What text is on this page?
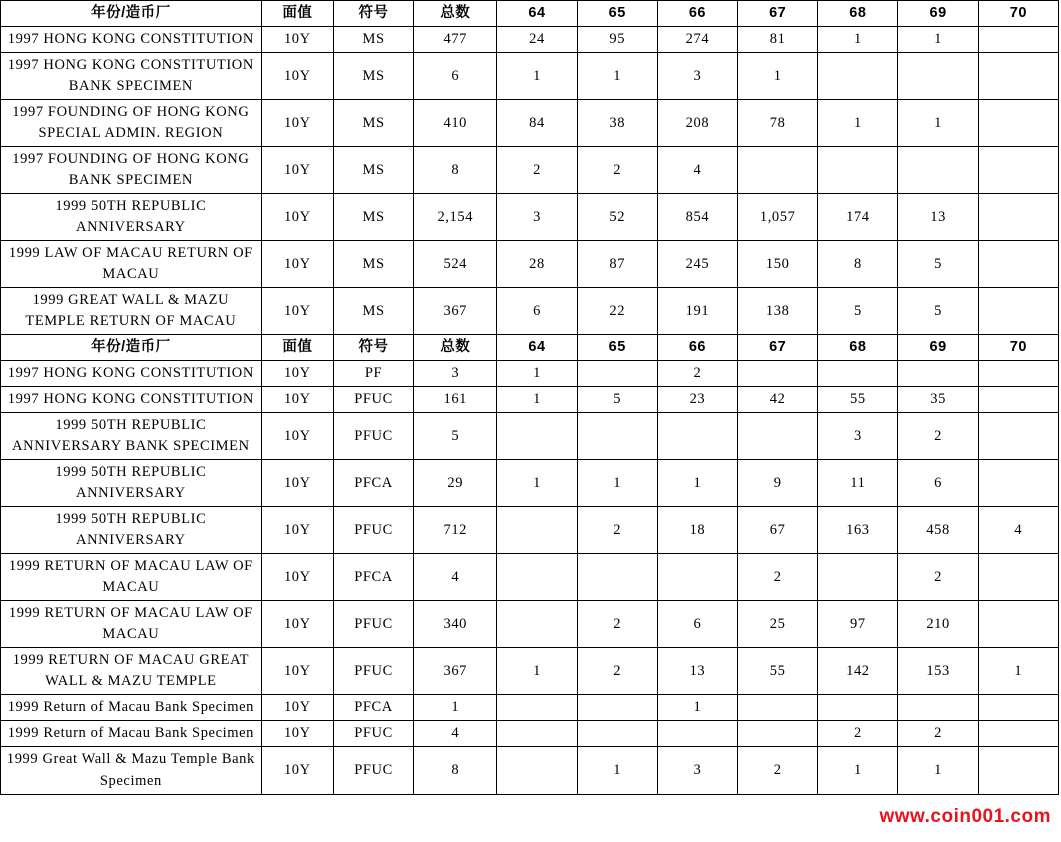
年份/造币厂	面值	符号	总数	64	65	66	67	68	69	70
1997 HONG KONG CONSTITUTION	10Y	MS	477	24	95	274	81	1	1	
1997 HONG KONG CONSTITUTION BANK SPECIMEN	10Y	MS	6	1	1	3	1			
1997 FOUNDING OF HONG KONG SPECIAL ADMIN. REGION	10Y	MS	410	84	38	208	78	1	1	
1997 FOUNDING OF HONG KONG BANK SPECIMEN	10Y	MS	8	2	2	4				
1999 50TH REPUBLIC ANNIVERSARY	10Y	MS	2,154	3	52	854	1,057	174	13	
1999 LAW OF MACAU RETURN OF MACAU	10Y	MS	524	28	87	245	150	8	5	
1999 GREAT WALL & MAZU TEMPLE RETURN OF MACAU	10Y	MS	367	6	22	191	138	5	5	
年份/造币厂	面值	符号	总数	64	65	66	67	68	69	70
1997 HONG KONG CONSTITUTION	10Y	PF	3	1		2				
1997 HONG KONG CONSTITUTION	10Y	PFUC	161	1	5	23	42	55	35	
1999 50TH REPUBLIC ANNIVERSARY BANK SPECIMEN	10Y	PFUC	5					3	2	
1999 50TH REPUBLIC ANNIVERSARY	10Y	PFCA	29	1	1	1	9	11	6	
1999 50TH REPUBLIC ANNIVERSARY	10Y	PFUC	712		2	18	67	163	458	4
1999 RETURN OF MACAU LAW OF MACAU	10Y	PFCA	4				2		2	
1999 RETURN OF MACAU LAW OF MACAU	10Y	PFUC	340		2	6	25	97	210	
1999 RETURN OF MACAU GREAT WALL & MAZU TEMPLE	10Y	PFUC	367	1	2	13	55	142	153	1
1999 Return of Macau Bank Specimen	10Y	PFCA	1			1				
1999 Return of Macau Bank Specimen	10Y	PFUC	4					2	2	
1999 Great Wall & Mazu Temple Bank Specimen	10Y	PFUC	8		1	3	2	1	1	
www.coin001.com
